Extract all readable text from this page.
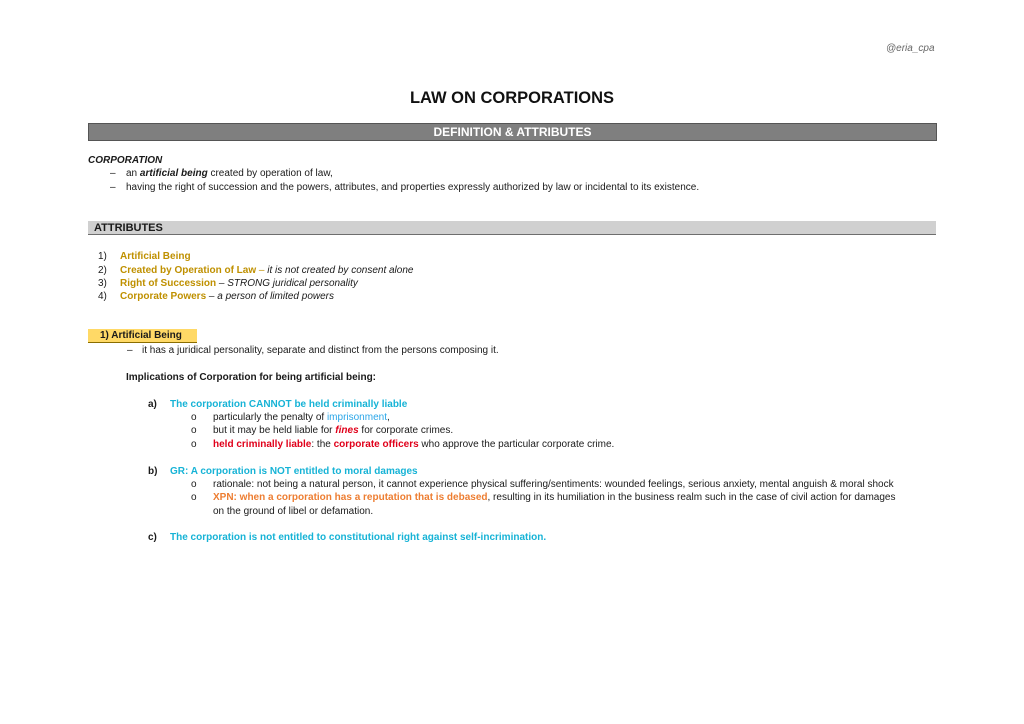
@eria_cpa
LAW ON CORPORATIONS
DEFINITION & ATTRIBUTES
CORPORATION
– an artificial being created by operation of law,
– having the right of succession and the powers, attributes, and properties expressly authorized by law or incidental to its existence.
ATTRIBUTES
1) Artificial Being
2) Created by Operation of Law – it is not created by consent alone
3) Right of Succession – STRONG juridical personality
4) Corporate Powers – a person of limited powers
1) Artificial Being
– it has a juridical personality, separate and distinct from the persons composing it.
Implications of Corporation for being artificial being:
a) The corporation CANNOT be held criminally liable
o particularly the penalty of imprisonment,
o but it may be held liable for fines for corporate crimes.
o held criminally liable: the corporate officers who approve the particular corporate crime.
b) GR: A corporation is NOT entitled to moral damages
o rationale: not being a natural person, it cannot experience physical suffering/sentiments: wounded feelings, serious anxiety, mental anguish & moral shock
o XPN: when a corporation has a reputation that is debased, resulting in its humiliation in the business realm such in the case of civil action for damages
on the ground of libel or defamation.
c) The corporation is not entitled to constitutional right against self-incrimination.
